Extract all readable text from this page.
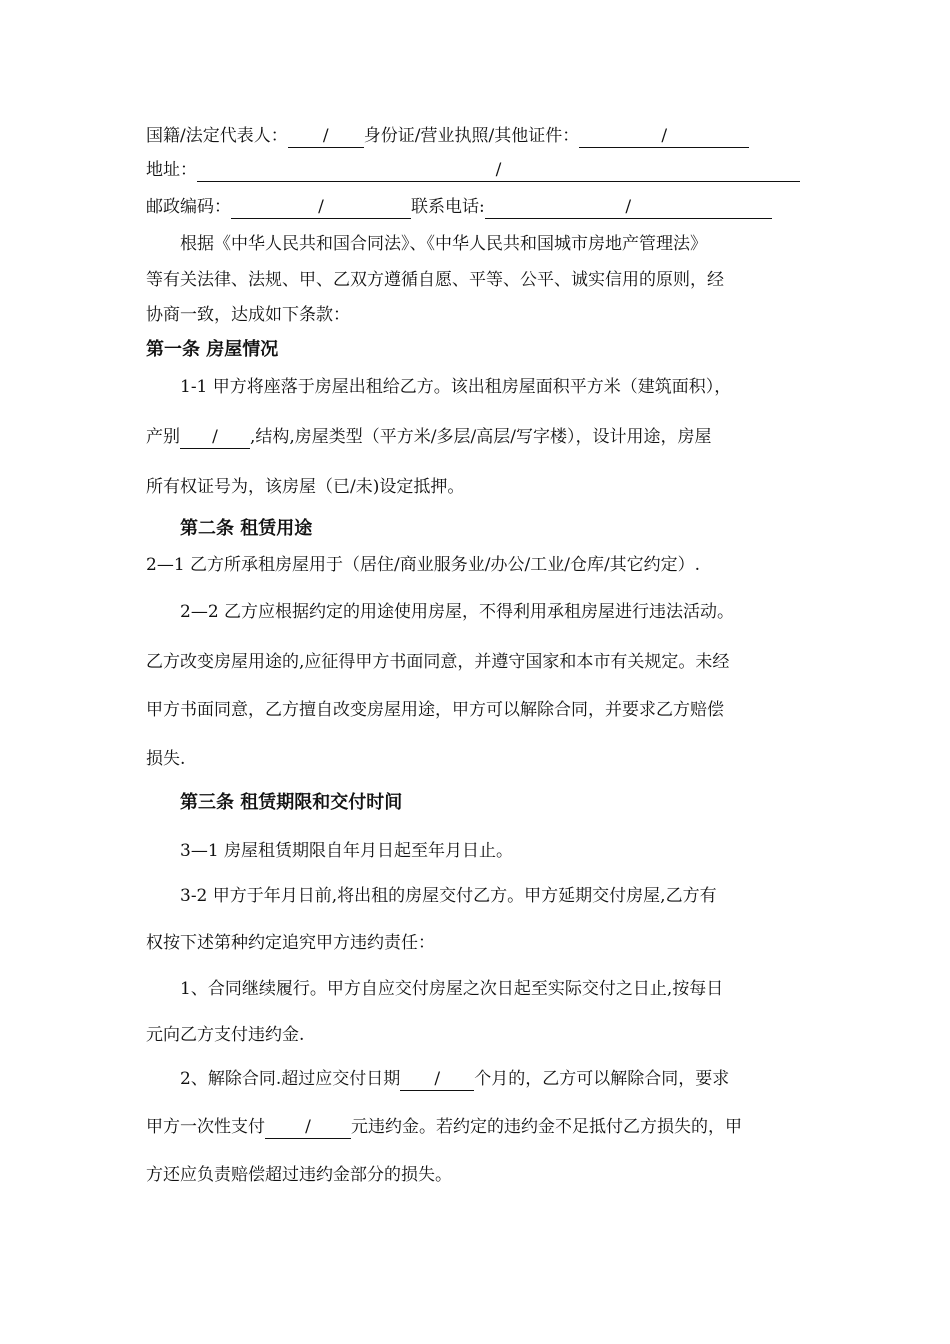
国籍/法定代表人： / 身份证/营业执照/其他证件：	/
地址：	/
邮政编码：	/	联系电话:	/
根据《中华人民共和国合同法》、《中华人民共和国城市房地产管理法》
等有关法律、法规、甲、乙双方遵循自愿、平等、公平、诚实信用的原则，经
协商一致，达成如下条款：
第一条 房屋情况
1-1 甲方将座落于房屋出租给乙方。该出租房屋面积平方米（建筑面积），
产别 / ,结构,房屋类型（平方米/多层/高层/写字楼），设计用途，房屋
所有权证号为，该房屋（已/未)设定抵押。
第二条 租赁用途
2—1 乙方所承租房屋用于（居住/商业服务业/办公/工业/仓库/其它约定）.
2—2 乙方应根据约定的用途使用房屋，不得利用承租房屋进行违法活动。
乙方改变房屋用途的,应征得甲方书面同意，并遵守国家和本市有关规定。未经
甲方书面同意，乙方擅自改变房屋用途，甲方可以解除合同，并要求乙方赔偿
损失.
第三条 租赁期限和交付时间
3—1 房屋租赁期限自年月日起至年月日止。
3-2 甲方于年月日前,将出租的房屋交付乙方。甲方延期交付房屋,乙方有
权按下述第种约定追究甲方违约责任：
1、合同继续履行。甲方自应交付房屋之次日起至实际交付之日止,按每日
元向乙方支付违约金.
2、解除合同.超过应交付日期 / 个月的，乙方可以解除合同，要求
甲方一次性支付 / 元违约金。若约定的违约金不足抵付乙方损失的，甲
方还应负责赔偿超过违约金部分的损失。
